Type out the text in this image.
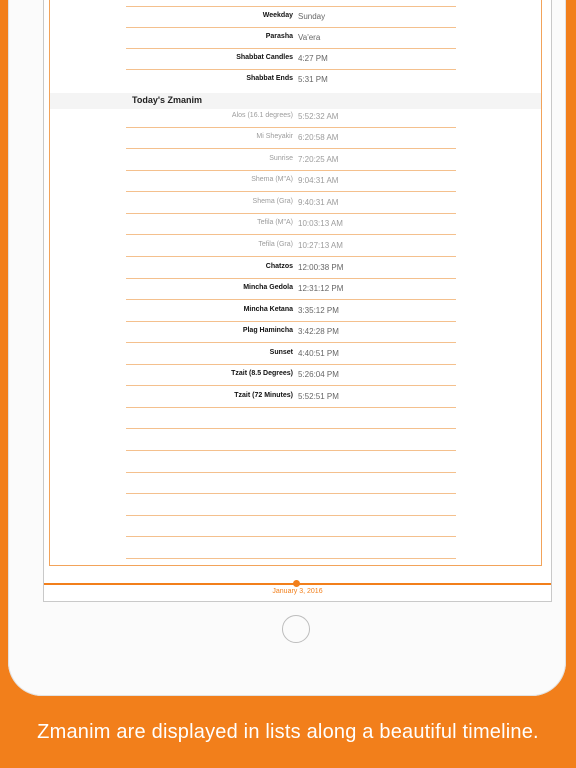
Weekday Sunday
Parasha Va'era
Shabbat Candles 4:27 PM
Shabbat Ends 5:31 PM
Today's Zmanim
Alos (16.1 degrees) 5:52:32 AM
Mi Sheyakir 6:20:58 AM
Sunrise 7:20:25 AM
Shema (M"A) 9:04:31 AM
Shema (Gra) 9:40:31 AM
Tefila (M"A) 10:03:13 AM
Tefila (Gra) 10:27:13 AM
Chatzos 12:00:38 PM
Mincha Gedola 12:31:12 PM
Mincha Ketana 3:35:12 PM
Plag Hamincha 3:42:28 PM
Sunset 4:40:51 PM
Tzait (8.5 Degrees) 5:26:04 PM
Tzait (72 Minutes) 5:52:51 PM
January 3, 2016
Zmanim are displayed in lists along a beautiful timeline.
